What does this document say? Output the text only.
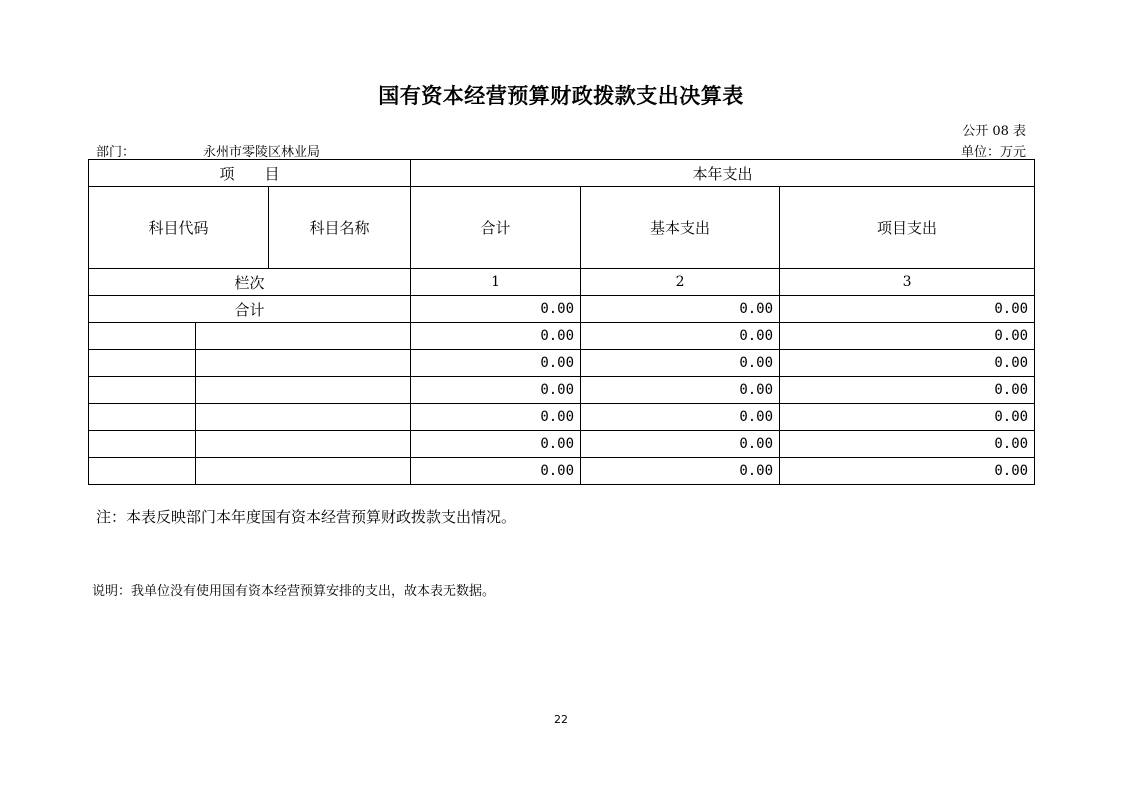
国有资本经营预算财政拨款支出决算表
公开 08 表
部门：	永州市零陵区林业局	单位：万元
项　　目			本年支出		
科目代码		科目名称	合计	基本支出	项目支出
栏次			1	2	3
合计			0.00	0.00	0.00
			0.00	0.00	0.00
			0.00	0.00	0.00
			0.00	0.00	0.00
			0.00	0.00	0.00
			0.00	0.00	0.00
			0.00	0.00	0.00
注：本表反映部门本年度国有资本经营预算财政拨款支出情况。
说明：我单位没有使用国有资本经营预算安排的支出，故本表无数据。
22
